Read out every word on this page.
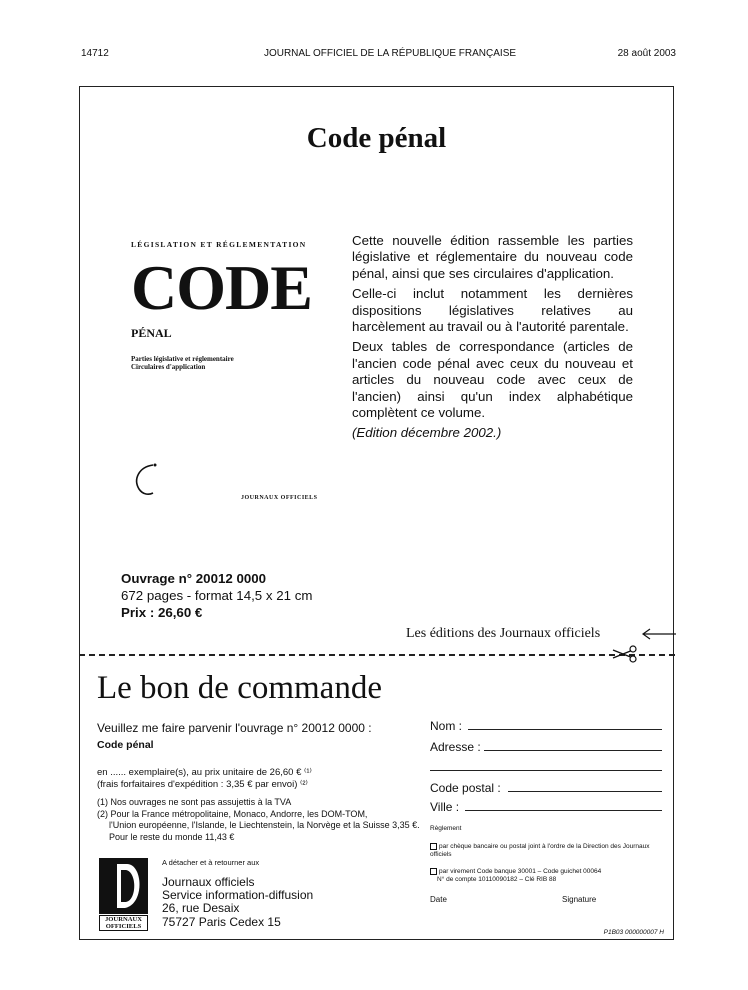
14712	JOURNAL OFFICIEL DE LA RÉPUBLIQUE FRANÇAISE	28 août 2003
Code pénal
LÉGISLATION ET RÉGLEMENTATION
CODE
PÉNAL
Parties législative et réglementaire
Circulaires d'application
JOURNAUX OFFICIELS

Cette nouvelle édition rassemble les parties législative et réglementaire du nouveau code pénal, ainsi que ses circulaires d'application.

Celle-ci inclut notamment les dernières dispositions législatives relatives au harcèlement au travail ou à l'autorité parentale.

Deux tables de correspondance (articles de l'ancien code pénal avec ceux du nouveau et articles du nouveau code avec ceux de l'ancien) ainsi qu'un index alphabétique complètent ce volume.

(Edition décembre 2002.)

Ouvrage n° 20012 0000
672 pages - format 14,5 x 21 cm
Prix : 26,60 €
Les éditions des Journaux officiels
Le bon de commande
Veuillez me faire parvenir l'ouvrage n° 20012 0000 :
Code pénal
en ...... exemplaire(s), au prix unitaire de 26,60 € ⁽¹⁾
(frais forfaitaires d'expédition : 3,35 € par envoi) ⁽²⁾
(1) Nos ouvrages ne sont pas assujettis à la TVA
(2) Pour la France métropolitaine, Monaco, Andorre, les DOM-TOM,
l'Union européenne, l'Islande, le Liechtenstein, la Norvège et la Suisse 3,35 €.
Pour le reste du monde 11,43 €
JOURNAUX
OFFICIELS
A détacher et à retourner aux
Journaux officiels
Service information-diffusion
26, rue Desaix
75727 Paris Cedex 15
Nom :
Adresse :
Code postal :
Ville :
Règlement
par chèque bancaire ou postal joint à l'ordre de la Direction des Journaux officiels
par virement Code banque 30001 – Code guichet 00064
N° de compte 10110090182 – Clé RIB 88
Date	Signature
P1B03 000000007 H
